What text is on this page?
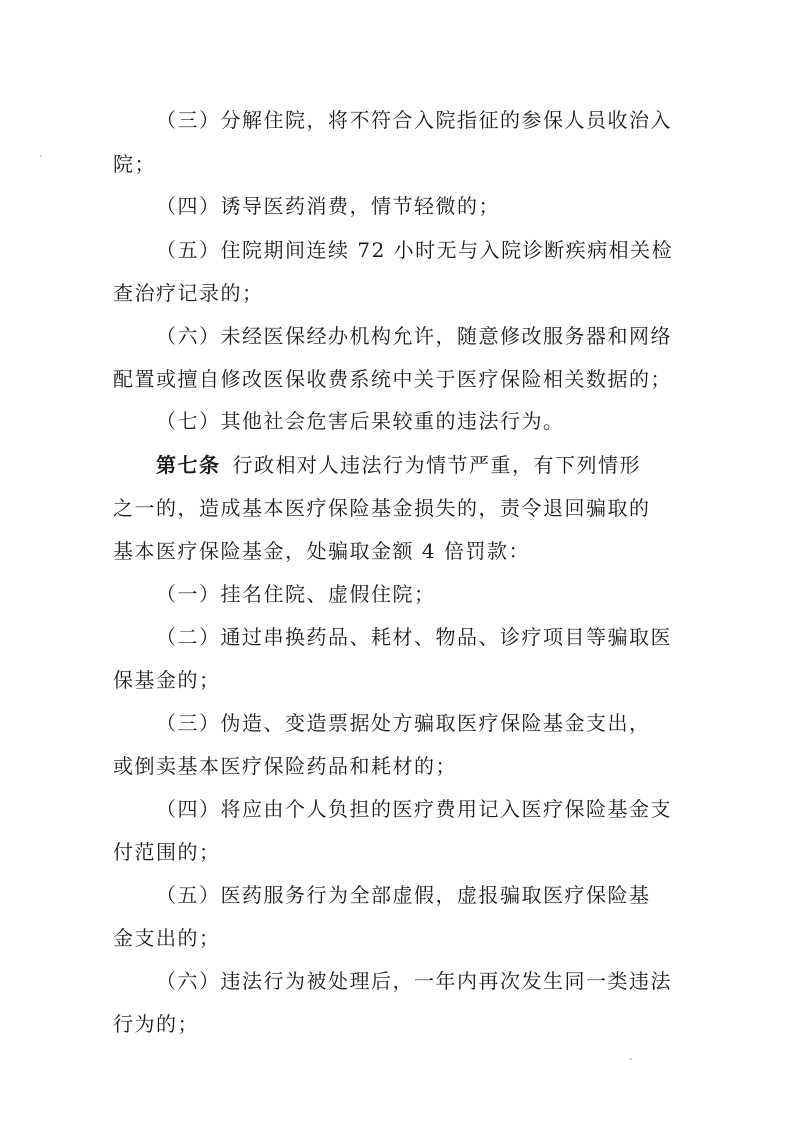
（三）分解住院，将不符合入院指征的参保人员收治入
院；
（四）诱导医药消费，情节轻微的；
（五）住院期间连续 72 小时无与入院诊断疾病相关检
查治疗记录的；
（六）未经医保经办机构允许，随意修改服务器和网络
配置或擅自修改医保收费系统中关于医疗保险相关数据的；
（七）其他社会危害后果较重的违法行为。
第七条 行政相对人违法行为情节严重，有下列情形
之一的，造成基本医疗保险基金损失的，责令退回骗取的
基本医疗保险基金，处骗取金额 4 倍罚款：
（一）挂名住院、虚假住院；
（二）通过串换药品、耗材、物品、诊疗项目等骗取医
保基金的；
（三）伪造、变造票据处方骗取医疗保险基金支出，
或倒卖基本医疗保险药品和耗材的；
（四）将应由个人负担的医疗费用记入医疗保险基金支
付范围的；
（五）医药服务行为全部虚假，虚报骗取医疗保险基
金支出的；
（六）违法行为被处理后，一年内再次发生同一类违法
行为的；
